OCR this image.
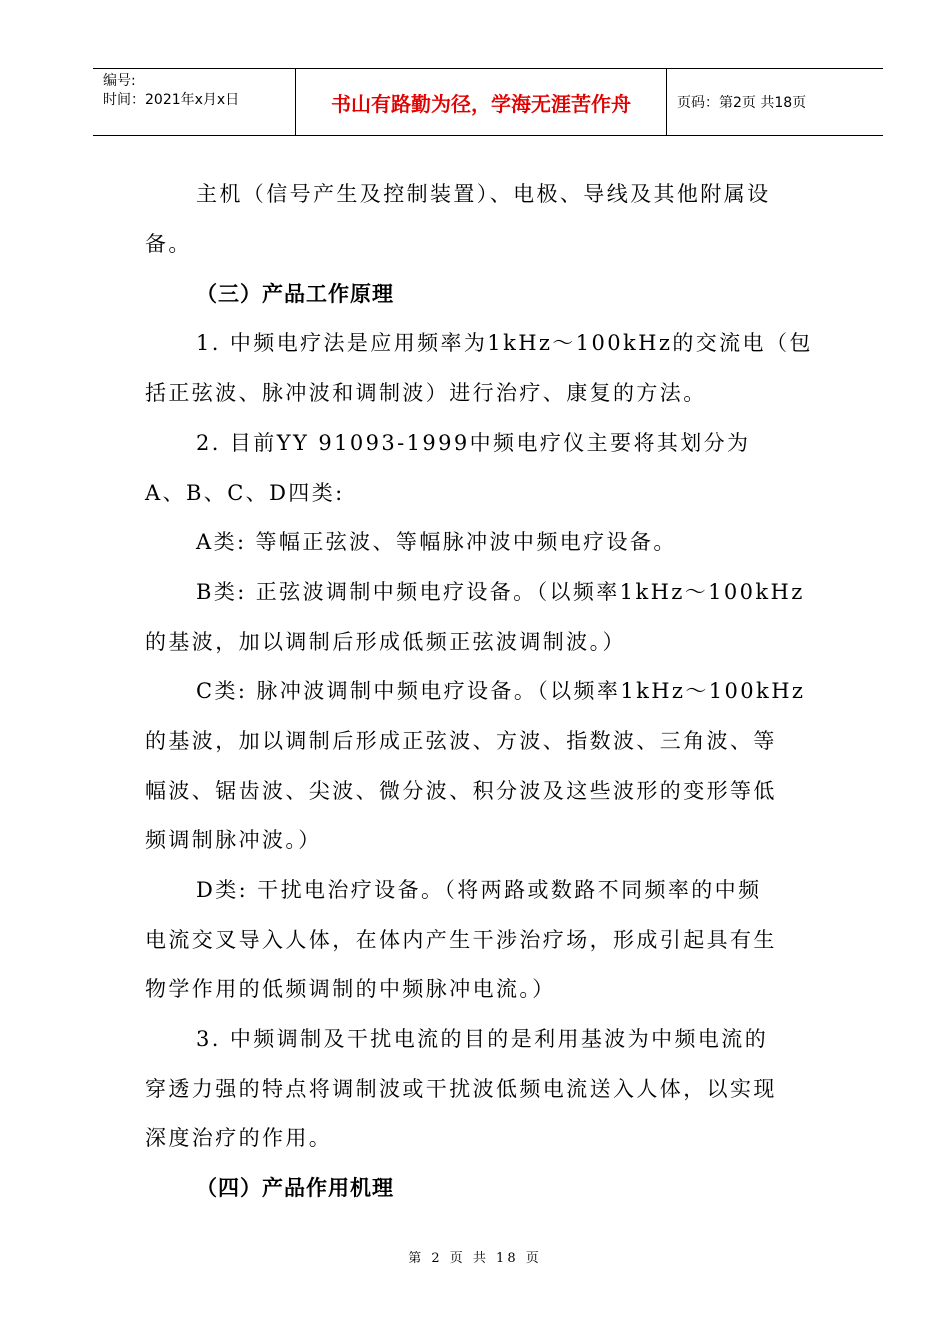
编号:
时间：2021年x月x日	书山有路勤为径，学海无涯苦作舟	页码：第2页 共18页
主机（信号产生及控制装置）、电极、导线及其他附属设
备。
（三）产品工作原理
1. 中频电疗法是应用频率为1kHz～100kHz的交流电（包
括正弦波、脉冲波和调制波）进行治疗、康复的方法。
2. 目前YY 91093-1999中频电疗仪主要将其划分为
A、B、C、D四类:
A类: 等幅正弦波、等幅脉冲波中频电疗设备。
B类: 正弦波调制中频电疗设备。（以频率1kHz～100kHz
的基波，加以调制后形成低频正弦波调制波。）
C类: 脉冲波调制中频电疗设备。（以频率1kHz～100kHz
的基波，加以调制后形成正弦波、方波、指数波、三角波、等
幅波、锯齿波、尖波、微分波、积分波及这些波形的变形等低
频调制脉冲波。）
D类: 干扰电治疗设备。（将两路或数路不同频率的中频
电流交叉导入人体，在体内产生干涉治疗场，形成引起具有生
物学作用的低频调制的中频脉冲电流。）
3. 中频调制及干扰电流的目的是利用基波为中频电流的
穿透力强的特点将调制波或干扰波低频电流送入人体，以实现
深度治疗的作用。
（四）产品作用机理
第 2 页 共 18 页
